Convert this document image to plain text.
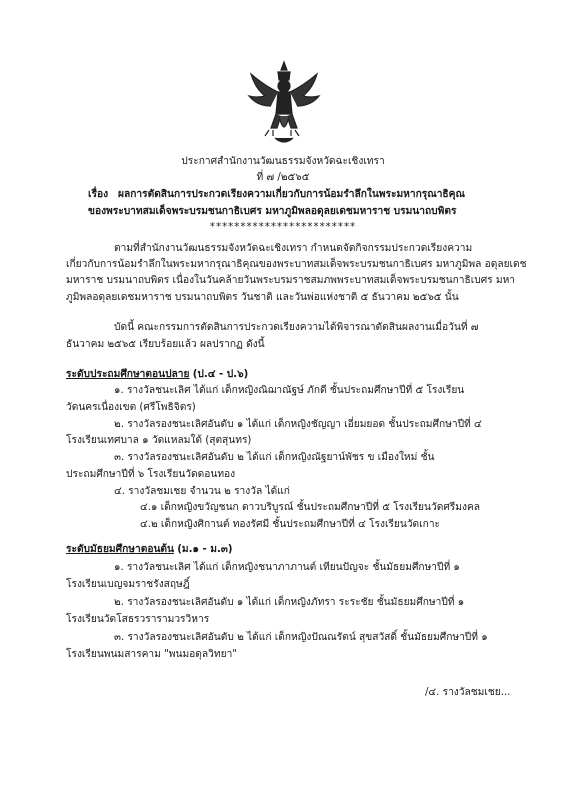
ประกาศสำนักงานวัฒนธรรมจังหวัดฉะเชิงเทรา
ที่ ๗ /๒๕๖๕
เรื่อง ผลการตัดสินการประกวดเรียงความเกี่ยวกับการน้อมรำลึกในพระมหากรุณาธิคุณ
ของพระบาทสมเด็จพระบรมชนกาธิเบศร มหาภูมิพลอดุลยเดชมหาราช บรมนาถบพิตร
************************
ตามที่สำนักงานวัฒนธรรมจังหวัดฉะเชิงเทรา กำหนดจัดกิจกรรมประกวดเรียงความ
เกี่ยวกับการน้อมรำลึกในพระมหากรุณาธิคุณของพระบาทสมเด็จพระบรมชนกาธิเบศร มหาภูมิพล อดุลยเดช
มหาราช บรมนาถบพิตร เนื่องในวันคล้ายวันพระบรมราชสมภพพระบาทสมเด็จพระบรมชนกาธิเบศร มหา
ภูมิพลอดุลยเดชมหาราช บรมนาถบพิตร วันชาติ และวันพ่อแห่งชาติ ๕ ธันวาคม ๒๕๖๕ นั้น
บัดนี้ คณะกรรมการตัดสินการประกวดเรียงความได้พิจารณาตัดสินผลงานเมื่อวันที่ ๗
ธันวาคม ๒๕๖๕ เรียบร้อยแล้ว ผลปรากฏ ดังนี้
ระดับประถมศึกษาตอนปลาย (ป.๔ - ป.๖)
๑. รางวัลชนะเลิศ ได้แก่ เด็กหญิงณิฌาณัฐษ์ ภักดี ชั้นประถมศึกษาปีที่ ๕ โรงเรียน
วัดนครเนื่องเขต (ศรีโพธิจิตร)
๒. รางวัลรองชนะเลิศอันดับ ๑ ได้แก่ เด็กหญิงชัญญา เอี่ยมยอด ชั้นประถมศึกษาปีที่ ๔
โรงเรียนเทศบาล ๑ วัดแหลมใต้ (สุตสุนทร)
๓. รางวัลรองชนะเลิศอันดับ ๒ ได้แก่ เด็กหญิงณัฐยาน์พัชร ข เมืองใหม่ ชั้น
ประถมศึกษาปีที่ ๖ โรงเรียนวัดดอนทอง
๔. รางวัลชมเชย จำนวน ๒ รางวัล ได้แก่
๔.๑ เด็กหญิงขวัญชนก ดาวบริบูรณ์ ชั้นประถมศึกษาปีที่ ๕ โรงเรียนวัดศรีมงคล
๔.๒ เด็กหญิงศิกานต์ ทองรัศมี ชั้นประถมศึกษาปีที่ ๔ โรงเรียนวัดเกาะ
ระดับมัธยมศึกษาตอนต้น (ม.๑ - ม.๓)
๑. รางวัลชนะเลิศ ได้แก่ เด็กหญิงชนาภาภานต์ เทียนปัญจะ ชั้นมัธยมศึกษาปีที่ ๑
โรงเรียนเบญจมราชรังสฤษฎิ์
๒. รางวัลรองชนะเลิศอันดับ ๑ ได้แก่ เด็กหญิงภัทรา ระระชัย ชั้นมัธยมศึกษาปีที่ ๑
โรงเรียนวัดโสธรวรารามวรวิหาร
๓. รางวัลรองชนะเลิศอันดับ ๒ ได้แก่ เด็กหญิงปัณณรัตน์ สุขสวัสดิ์ ชั้นมัธยมศึกษาปีที่ ๑
โรงเรียนพนมสารคาม "พนมอดุลวิทยา"
/๔. รางวัลชมเชย...
